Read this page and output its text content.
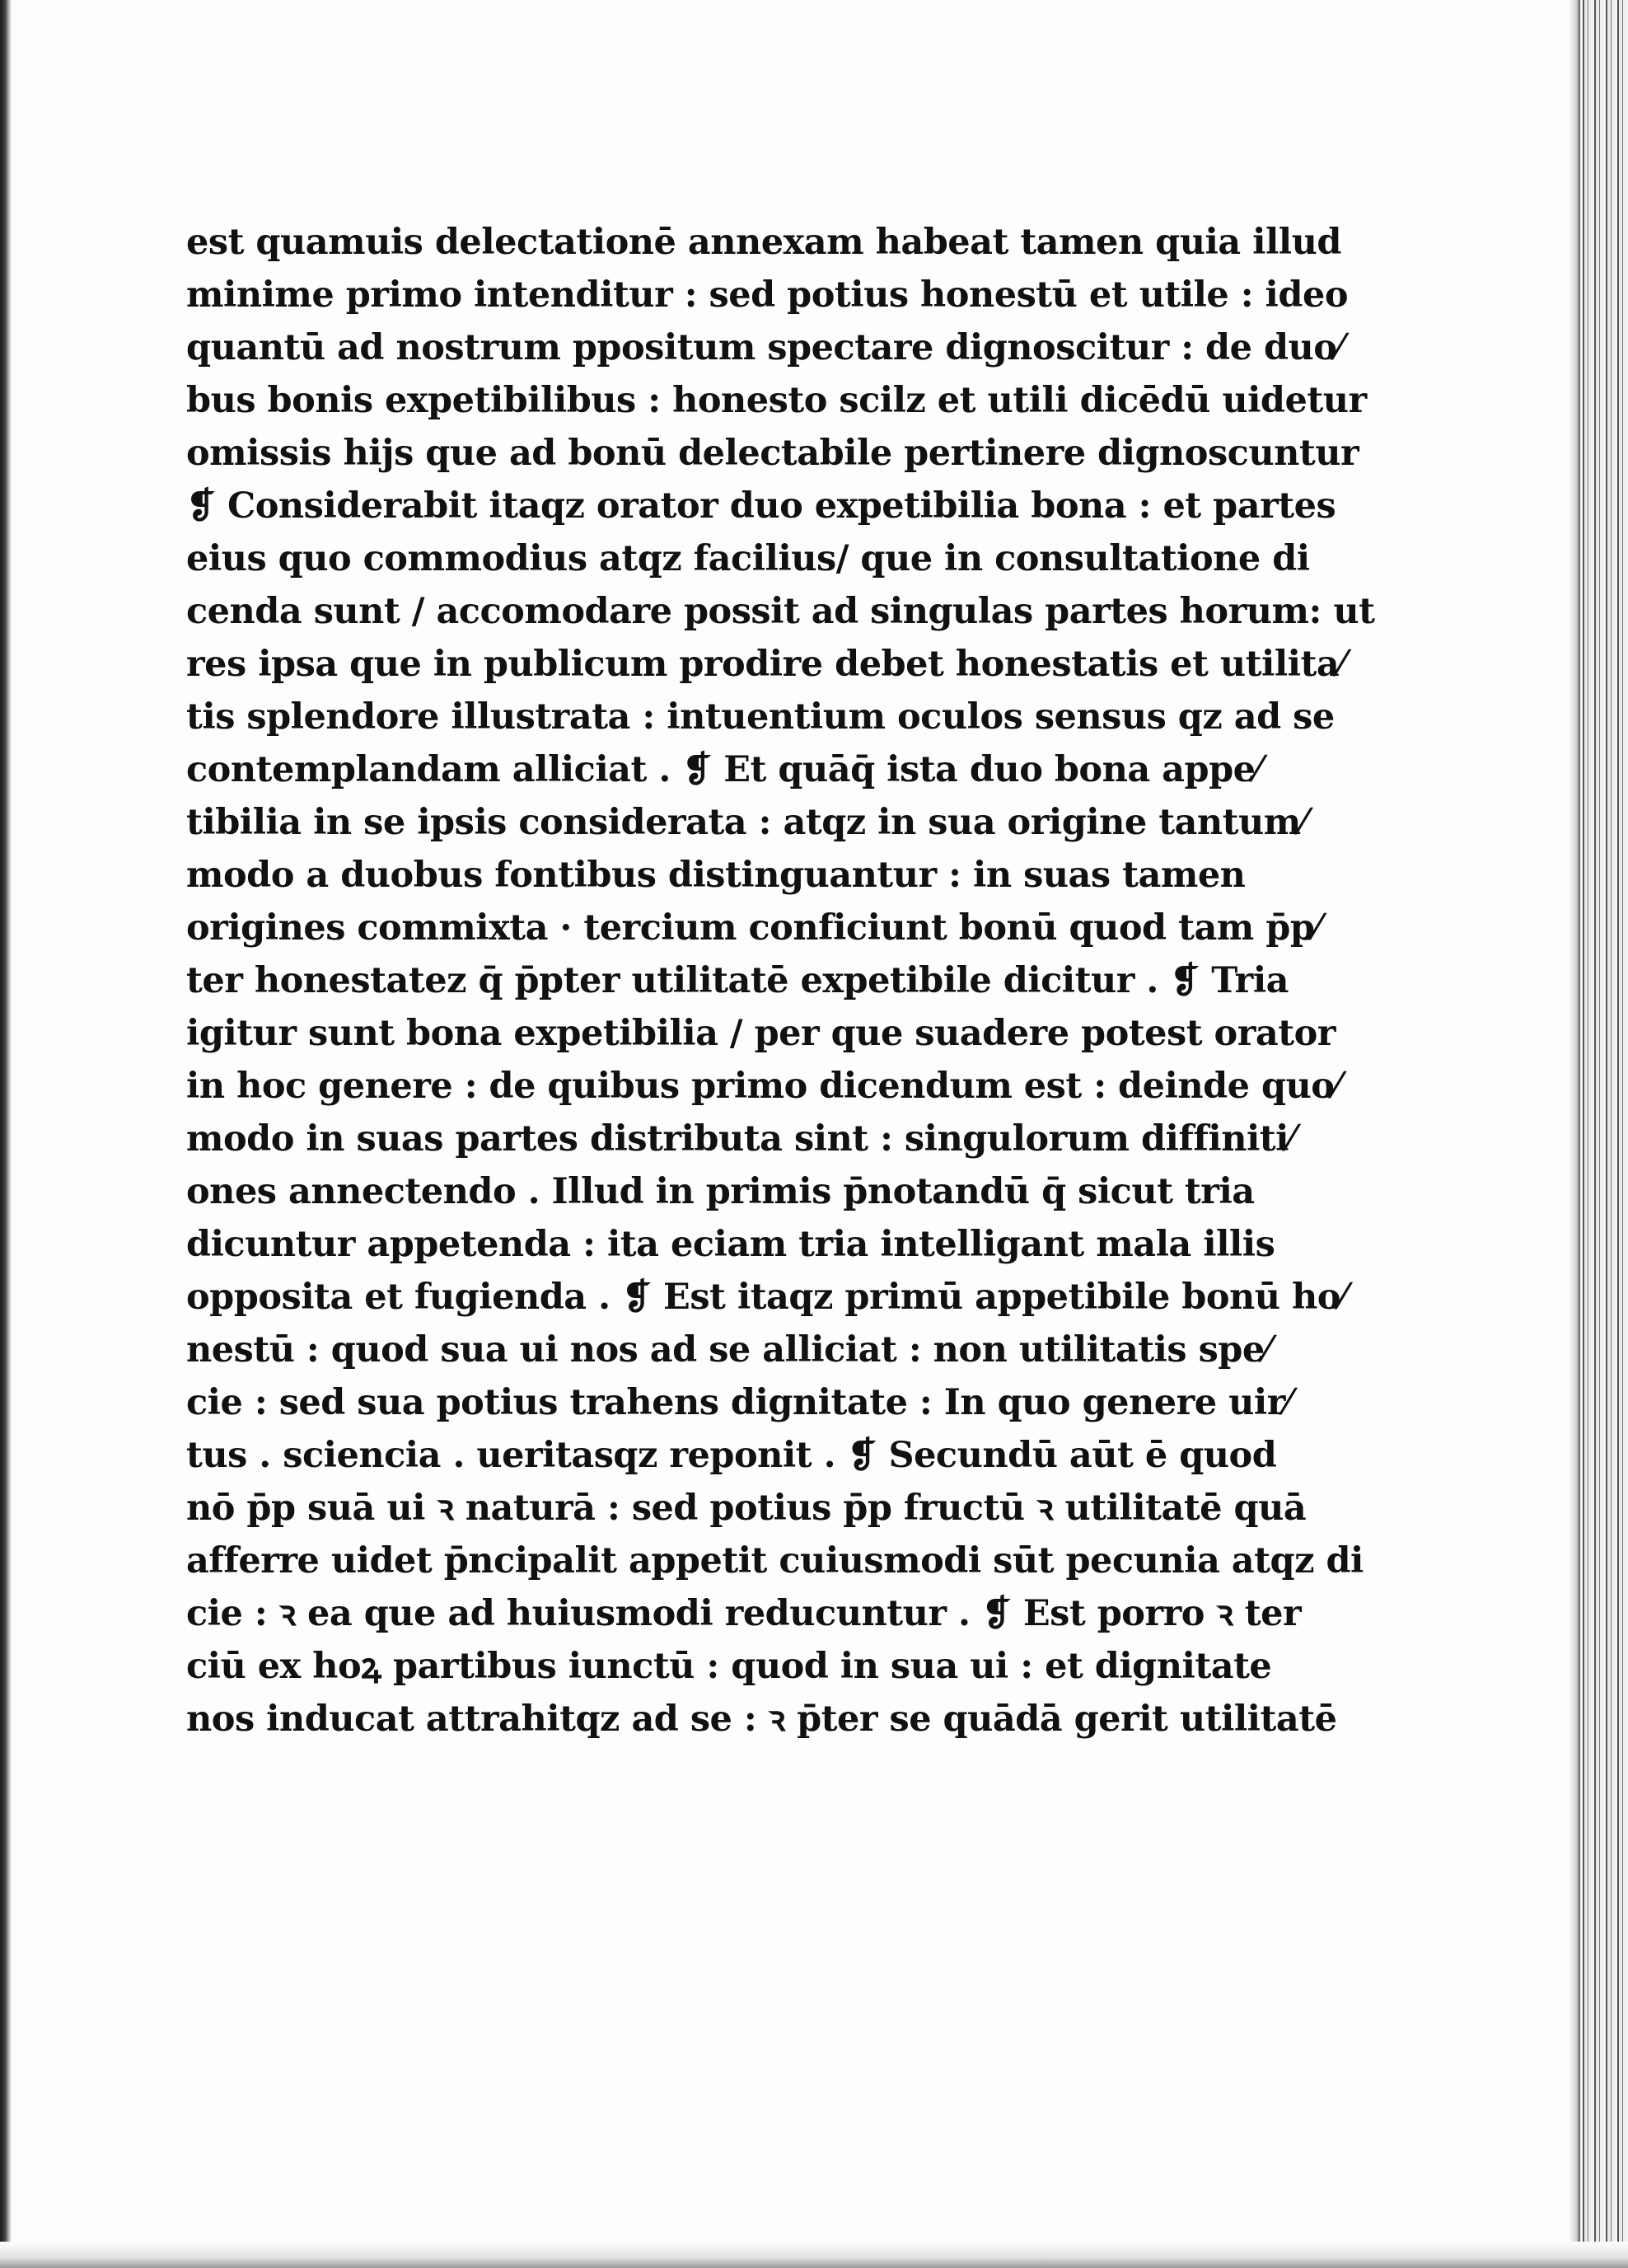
est quamuis delectationē annexam habeat tamen quia illud
minime primo intenditur : sed potius honestū et utile : ideo
quantū ad nostrum ppositum spectare dignoscitur : de duo⁄
bus bonis expetibilibus : honesto scilz et utili dicēdū uidetur
omissis hijs que ad bonū delectabile pertinere dignoscuntur
❡ Considerabit itaqz orator duo expetibilia bona : et partes
eius quo commodius atqz facilius/ que in consultatione di
cenda sunt / accomodare possit ad singulas partes horum: ut
res ipsa que in publicum prodire debet honestatis et utilita⁄
tis splendore illustrata : intuentium oculos sensus qz ad se
contemplandam alliciat . ❡ Et quāq̄ ista duo bona appe⁄
tibilia in se ipsis considerata : atqz in sua origine tantum⁄
modo a duobus fontibus distinguantur : in suas tamen
origines commixta · tercium conficiunt bonū quod tam p̄p⁄
ter honestatez q̄ p̄pter utilitatē expetibile dicitur . ❡ Tria
igitur sunt bona expetibilia / per que suadere potest orator
in hoc genere : de quibus primo dicendum est : deinde quo⁄
modo in suas partes distributa sint : singulorum diffiniti⁄
ones annectendo . Illud in primis p̄notandū q̄ sicut tria
dicuntur appetenda : ita eciam tria intelligant mala illis
opposita et fugienda . ❡ Est itaqz primū appetibile bonū ho⁄
nestū : quod sua ui nos ad se alliciat : non utilitatis spe⁄
cie : sed sua potius trahens dignitate : In quo genere uir⁄
tus . sciencia . ueritasqz reponit . ❡ Secundū aūt ē quod
nō p̄p suā ui ꝛ naturā : sed potius p̄p fructū ꝛ utilitatē quā
afferre uidet p̄ncipalit appetit cuiusmodi sūt pecunia atqz di
cie : ꝛ ea que ad huiusmodi reducuntur . ❡ Est porro ꝛ ter
ciū ex hoꝝ partibus iunctū : quod in sua ui : et dignitate
nos inducat attrahitqz ad se : ꝛ p̄ter se quādā gerit utilitatē
